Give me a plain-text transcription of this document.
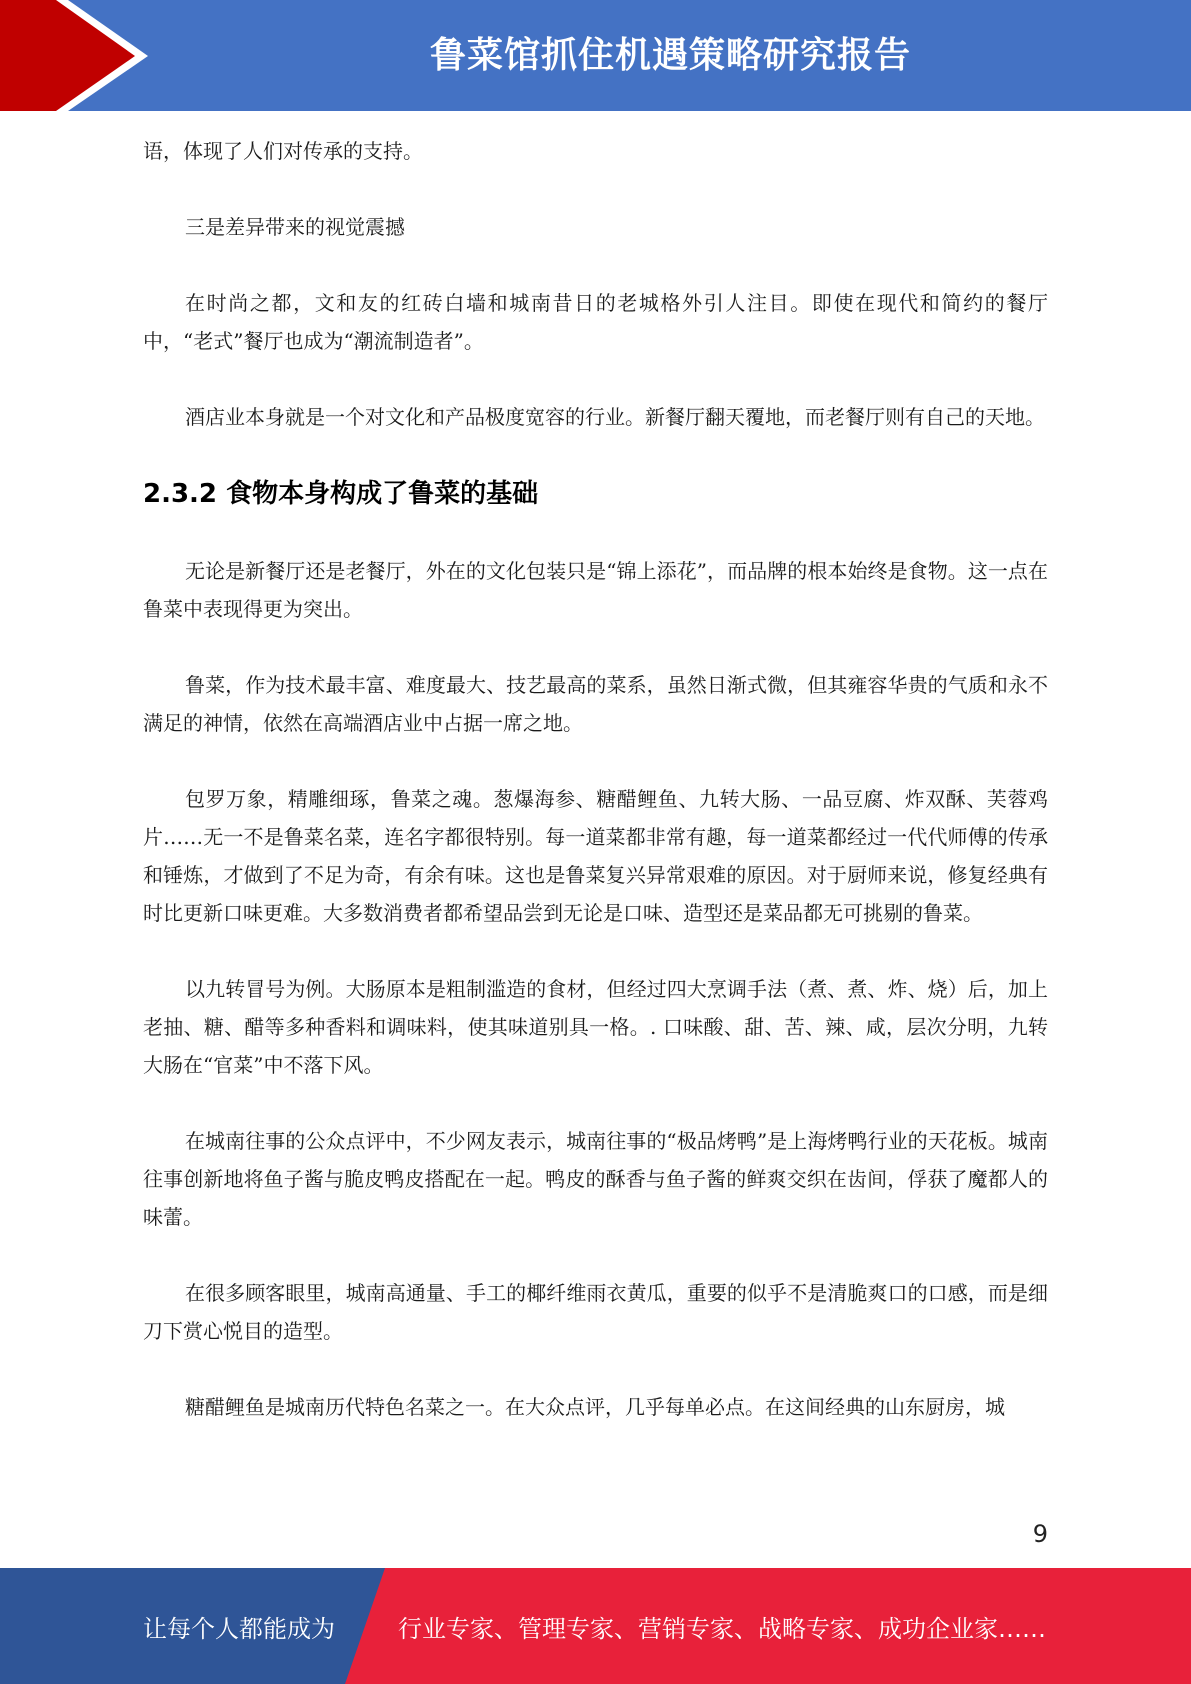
鲁菜馆抓住机遇策略研究报告

语，体现了人们对传承的支持。

三是差异带来的视觉震撼

在时尚之都，文和友的红砖白墙和城南昔日的老城格外引人注目。即使在现代和简约的餐厅中，“老式”餐厅也成为“潮流制造者”。

酒店业本身就是一个对文化和产品极度宽容的行业。新餐厅翻天覆地，而老餐厅则有自己的天地。

2.3.2 食物本身构成了鲁菜的基础

无论是新餐厅还是老餐厅，外在的文化包装只是“锦上添花”，而品牌的根本始终是食物。这一点在鲁菜中表现得更为突出。

鲁菜，作为技术最丰富、难度最大、技艺最高的菜系，虽然日渐式微，但其雍容华贵的气质和永不满足的神情，依然在高端酒店业中占据一席之地。

包罗万象，精雕细琢，鲁菜之魂。葱爆海参、糖醋鲤鱼、九转大肠、一品豆腐、炸双酥、芙蓉鸡片……无一不是鲁菜名菜，连名字都很特别。每一道菜都非常有趣，每一道菜都经过一代代师傅的传承和锤炼，才做到了不足为奇，有余有味。这也是鲁菜复兴异常艰难的原因。对于厨师来说，修复经典有时比更新口味更难。大多数消费者都希望品尝到无论是口味、造型还是菜品都无可挑剔的鲁菜。

以九转冒号为例。大肠原本是粗制滥造的食材，但经过四大烹调手法（煮、煮、炸、烧）后，加上老抽、糖、醋等多种香料和调味料，使其味道别具一格。. 口味酸、甜、苦、辣、咸，层次分明，九转大肠在“官菜”中不落下风。

在城南往事的公众点评中，不少网友表示，城南往事的“极品烤鸭”是上海烤鸭行业的天花板。城南往事创新地将鱼子酱与脆皮鸭皮搭配在一起。鸭皮的酥香与鱼子酱的鲜爽交织在齿间，俘获了魔都人的味蕾。

在很多顾客眼里，城南高通量、手工的椰纤维雨衣黄瓜，重要的似乎不是清脆爽口的口感，而是细刀下赏心悦目的造型。

糖醋鲤鱼是城南历代特色名菜之一。在大众点评，几乎每单必点。在这间经典的山东厨房，城

9
让每个人都能成为	行业专家、管理专家、营销专家、战略专家、成功企业家……
